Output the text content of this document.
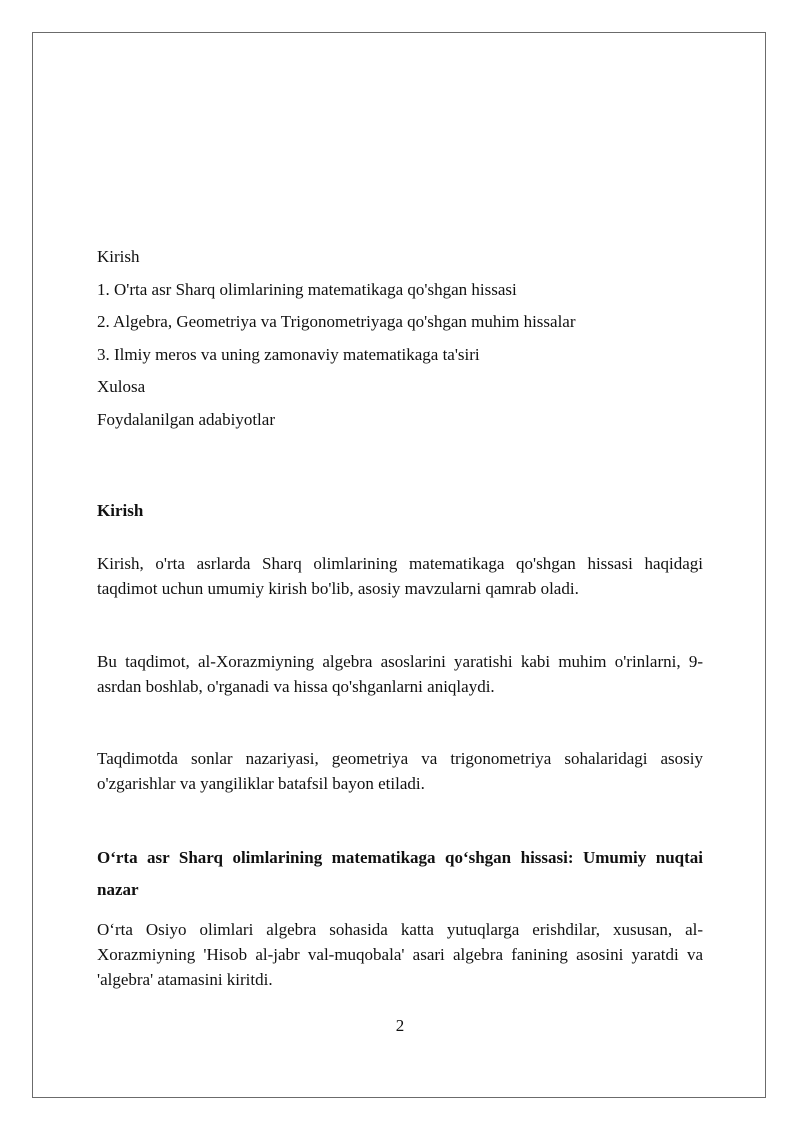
Kirish
1. O'rta asr Sharq olimlarining matematikaga qo'shgan hissasi
2. Algebra, Geometriya va Trigonometriyaga qo'shgan muhim hissalar
3. Ilmiy meros va uning zamonaviy matematikaga ta'siri
Xulosa
Foydalanilgan adabiyotlar
Kirish
Kirish, o'rta asrlarda Sharq olimlarining matematikaga qo'shgan hissasi haqidagi taqdimot uchun umumiy kirish bo'lib, asosiy mavzularni qamrab oladi.
Bu taqdimot, al-Xorazmiyning algebra asoslarini yaratishi kabi muhim o'rinlarni, 9-asrdan boshlab, o'rganadi va hissa qo'shganlarni aniqlaydi.
Taqdimotda sonlar nazariyasi, geometriya va trigonometriya sohalaridagi asosiy o'zgarishlar va yangiliklar batafsil bayon etiladi.
O‘rta asr Sharq olimlarining matematikaga qo‘shgan hissasi: Umumiy nuqtai nazar
O‘rta Osiyo olimlari algebra sohasida katta yutuqlarga erishdilar, xususan, al-Xorazmiyning 'Hisob al-jabr val-muqobala' asari algebra fanining asosini yaratdi va 'algebra' atamasini kiritdi.
2
